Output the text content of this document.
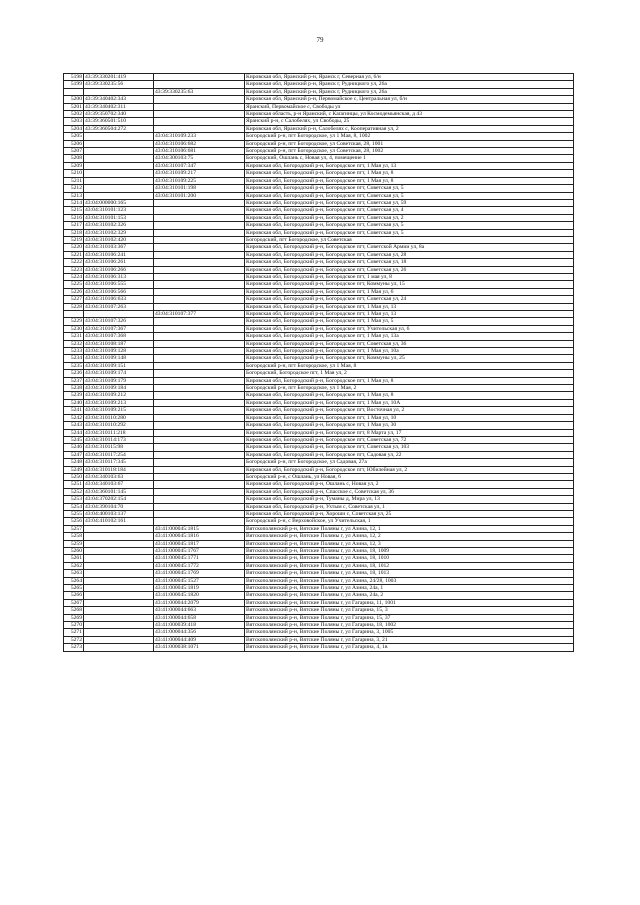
79
5198	43:39:330201:419		Кировская обл, Яранский р-н, Яранск г, Северная ул, 6/н
5199	43:39:330235:56		Кировская обл, Яранский р-н, Яранск г, Рудницкого ул, 26а
		43:39:330235:63	Кировская обл, Яранский р-н, Яранск г, Рудницкого ул, 26а
5200	43:39:340402:343		Кировская обл, Яранский р-н, Первомайское с, Центральная ул, б/н
5201	43:39:340402:311		Яранский, Первомайское с, Свободы ул
5202	43:39:350702:340		Кировская область, р-н Яранский, с Кararинцы, ул Космодемьянская, д 43
5203	43:39:360501:510		Яранский р-н, с Салобелях, ул Свободы, 25
5204	43:39:360504:272		Кировская обл, Яранский р-н, Салобелях с, Кооперативная ул, 2
5205		43:04:310109:233	Богородский р-н, пгт Богородское, ул 1 Мая, 8, 1002
5206		43:04:310106:682	Богородский р-н, пгт Богородское, ул Советская, 28, 1001
5207		43:04:310106:681	Богородский р-н, пгт Богородское, ул Советская, 28, 1002
5208		43:04:300103:75	Богородский, Ошлань с, Новая ул, 4, помещение 1
5209		43:04:310107:347	Кировская обл, Богородский р-н, Богородское пгт, 1 Мая ул, 13
5210		43:04:310109:217	Кировская обл, Богородский р-н, Богородское пгт, 1 Мая ул, 8
5211		43:04:310109:225	Кировская обл, Богородский р-н, Богородское пгт, 1 Мая ул, 8
5212		43:04:310101:198	Кировская обл, Богородский р-н, Богородское пгт, Советская ул, 5
5213		43:04:310101:200	Кировская обл, Богородский р-н, Богородское пгт, Советская ул, 5
5214	43:04:000000:165		Кировская обл, Богородский р-н, Богородское пгт, Советская ул, 59
5215	43:04:310101:123		Кировская обл, Богородский р-н, Богородское пгт, Советская ул, 4
5216	43:04:310101:153		Кировская обл, Богородский р-н, Богородское пгт, Советская ул, 2
5217	43:04:310102:326		Кировская обл, Богородский р-н, Богородское пгт, Советская ул, 5
5218	43:04:310102:329		Кировская обл, Богородский р-н, Богородское пгт, Советская ул, 5
5219	43:04:310102:420		Богородский, пгт Богородское, ул Советская
5220	43:04:310103:367		Кировская обл, Богородский р-н, Богородское пгт, Советской Армии ул, 8а
5221	43:04:310106:241		Кировская обл, Богородский р-н, Богородское пгт, Советская ул, 28
5222	43:04:310106:261		Кировская обл, Богородский р-н, Богородское пгт, Советская ул, 18
5223	43:04:310106:266		Кировская обл, Богородский р-н, Богородское пгт, Советская ул, 26
5224	43:04:310106:313		Кировская обл, Богородский р-н, Богородское пгт, 1 мая ул, 8
5225	43:04:310106:555		Кировская обл, Богородский р-н, Богородское пгт, Коммуны ул, 15
5226	43:04:310106:566		Кировская обл, Богородский р-н, Богородское пгт, 1 Мая ул, 6
5227	43:04:310106:633		Кировская обл, Богородский р-н, Богородское пгт, Советская ул, 24
5228	43:04:310107:263		Кировская обл, Богородский р-н, Богородское пгт, 1 Мая ул, 13
		43:04:310107:377	Кировская обл, Богородский р-н, Богородское пгт, 1 Мая ул, 13
5229	43:04:310107:326		Кировская обл, Богородский р-н, Богородское пгт, 1 Мая ул, 5
5230	43:04:310107:367		Кировская обл, Богородский р-н, Богородское пгт, Учительская ул, 6
5231	43:04:310107:368		Кировская обл, Богородский р-н, Богородское пгт, 1 Мая ул, 13а
5232	43:04:310108:187		Кировская обл, Богородский р-н, Богородское пгт, Советская ул, 36
5233	43:04:310109:128		Кировская обл, Богородский р-н, Богородское пгт, 1 Мая ул, 10а
5234	43:04:310109:148		Кировская обл, Богородский р-н, Богородское пгт, Коммуны ул, 25
5235	43:04:310109:151		Богородский р-н, пгт Богородское, ул 1 Мая, 8
5236	43:04:310109:174		Богородский, Богородское пгт, 1 Мая ул, 2
5237	43:04:310109:179		Кировская обл, Богородский р-н, Богородское пгт, 1 Мая ул, 8
5238	43:04:310109:184		Богородский р-н, пгт Богородское, ул 1 Мая, 2
5239	43:04:310109:212		Кировская обл, Богородский р-н, Богородское пгт, 1 Мая ул, 8
5240	43:04:310109:213		Кировская обл, Богородский р-н, Богородское пгт, 1 Мая ул, 10А
5241	43:04:310109:215		Кировская обл, Богородский р-н, Богородское пгт, Восточная ул, 2
5242	43:04:310110:280		Кировская обл, Богородский р-н, Богородское пгт, 1 Мая ул, 10
5243	43:04:310110:292		Кировская обл, Богородский р-н, Богородское пгт, 1 Мая ул, 30
5244	43:04:310111:218		Кировская обл, Богородский р-н, Богородское пгт, 8 Марта ул, 17
5245	43:04:310114:173		Кировская обл, Богородский р-н, Богородское пгт, Советская ул, 72
5246	43:04:310115:98		Кировская обл, Богородский р-н, Богородское пгт, Советская ул, 103
5247	43:04:310117:254		Кировская обл, Богородский р-н, Богородское пгт, Садовая ул, 22
5248	43:04:310117:345		Богородский р-н, пгт Богородское, ул Садовая, 27а
5249	43:04:310118:184		Кировская обл, Богородский р-н, Богородское пгт, Юбилейная ул, 2
5250	43:04:340103:63		Богородский р-н, с Ошлань, ул Новая, 6
5251	43:04:340103:67		Кировская обл, Богородский р-н, Ошлань с, Новая ул, 2
5252	43:04:360101:145		Кировская обл, Богородский р-н, Спасское с, Советская ул, 36
5253	43:04:370202:154		Кировская обл, Богородский р-н, Туманы д, Мира ул, 13
5254	43:04:390104:70		Кировская обл, Богородский р-н, Ухтым с, Советская ул, 1
5255	43:04:400103:137		Кировская обл, Богородский р-н, Хороши с, Советская ул, 25
5256	43:04:410102:161		Богородский р-н, с Верховойское, ул Учительская, 1
5257		43:41:000045:1815	Вятскополянский р-н, Вятские Поляны г, ул Азина, 12, 1
5258		43:41:000045:1816	Вятскополянский р-н, Вятские Поляны г, ул Азина, 12, 2
5259		43:41:000045:1817	Вятскополянский р-н, Вятские Поляны г, ул Азина, 12, 3
5260		43:41:000045:1767	Вятскополянский р-н, Вятские Поляны г, ул Азина, 18, 1009
5261		43:41:000045:1771	Вятскополянский р-н, Вятские Поляны г, ул Азина, 18, 1010
5262		43:41:000045:1772	Вятскополянский р-н, Вятские Поляны г, ул Азина, 18, 1012
5263		43:41:000045:1769	Вятскополянский р-н, Вятские Поляны г, ул Азина, 18, 1013
5264		43:41:000045:1527	Вятскополянский р-н, Вятские Поляны г, ул Азина, 24/28, 1003
5265		43:41:000045:1819	Вятскополянский р-н, Вятские Поляны г, ул Азина, 24а, 1
5266		43:41:000045:1820	Вятскополянский р-н, Вятские Поляны г, ул Азина, 24а, 2
5267		43:41:000044:2079	Вятскополянский р-н, Вятские Поляны г, ул Гагарина, 11, 1001
5268		43:41:000044:663	Вятскополянский р-н, Вятские Поляны г, ул Гагарина, 15, 3
5269		43:41:000044:658	Вятскополянский р-н, Вятские Поляны г, ул Гагарина, 15, 37
5270		43:41:000039:418	Вятскополянский р-н, Вятские Поляны г, ул Гагарина, 18, 1002
5271		43:41:000044:356	Вятскополянский р-н, Вятские Поляны г, ул Гагарина, 3, 1005
5272		43:41:000044:409	Вятскополянский р-н, Вятские Поляны г, ул Гагарина, 3, 21
5273		43:41:000038:1071	Вятскополянский р-н, Вятские Поляны г, ул Гагарина, 4, 1в
